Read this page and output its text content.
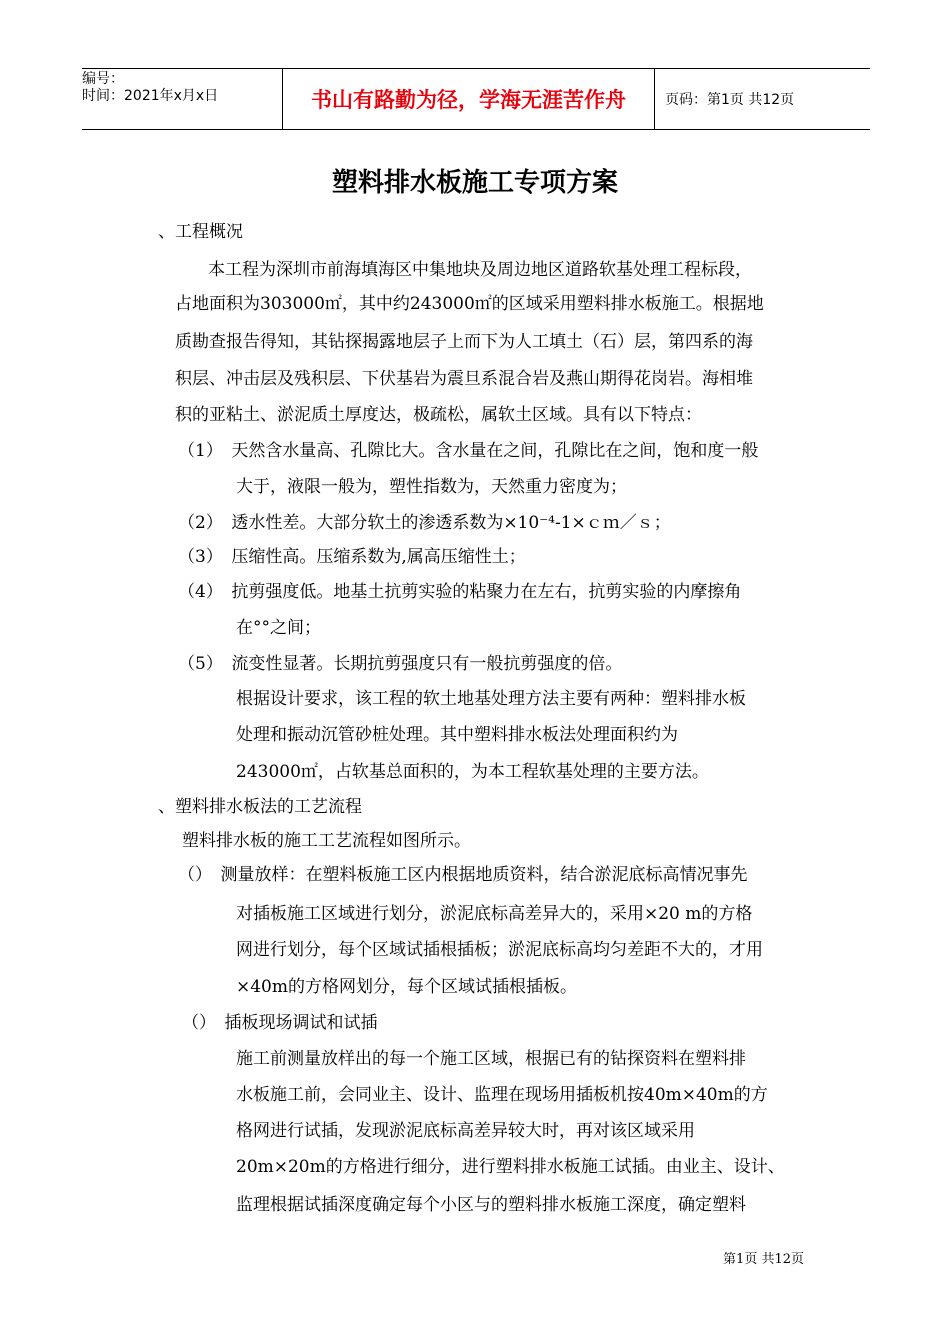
编号：
时间：2021年x月x日	书山有路勤为径，学海无涯苦作舟	页码：第1页 共12页
塑料排水板施工专项方案
、工程概况
本工程为深圳市前海填海区中集地块及周边地区道路软基处理工程标段，
占地面积为303000㎡，其中约243000㎡的区域采用塑料排水板施工。根据地
质勘查报告得知，其钻探揭露地层子上而下为人工填土（石）层，第四系的海
积层、冲击层及残积层、下伏基岩为震旦系混合岩及燕山期得花岗岩。海相堆
积的亚粘土、淤泥质土厚度达，极疏松，属软土区域。具有以下特点：
（1）　天然含水量高、孔隙比大。含水量在之间，孔隙比在之间，饱和度一般
大于，液限一般为，塑性指数为，天然重力密度为；
（2）　透水性差。大部分软土的渗透系数为×10⁻⁴-1×ｃｍ／ｓ；
（3）　压缩性高。压缩系数为,属高压缩性土；
（4）　抗剪强度低。地基土抗剪实验的粘聚力在左右，抗剪实验的内摩擦角
在°°之间；
（5）　流变性显著。长期抗剪强度只有一般抗剪强度的倍。
根据设计要求，该工程的软土地基处理方法主要有两种：塑料排水板
处理和振动沉管砂桩处理。其中塑料排水板法处理面积约为
243000㎡，占软基总面积的，为本工程软基处理的主要方法。
、塑料排水板法的工艺流程
塑料排水板的施工工艺流程如图所示。
（）　测量放样：在塑料板施工区内根据地质资料，结合淤泥底标高情况事先
对插板施工区域进行划分，淤泥底标高差异大的，采用×20 m的方格
网进行划分，每个区域试插根插板；淤泥底标高均匀差距不大的，才用
×40m的方格网划分，每个区域试插根插板。
（）　插板现场调试和试插
施工前测量放样出的每一个施工区域，根据已有的钻探资料在塑料排
水板施工前，会同业主、设计、监理在现场用插板机按40m×40m的方
格网进行试插，发现淤泥底标高差异较大时，再对该区域采用
20m×20m的方格进行细分，进行塑料排水板施工试插。由业主、设计、
监理根据试插深度确定每个小区与的塑料排水板施工深度，确定塑料
第1页 共12页
